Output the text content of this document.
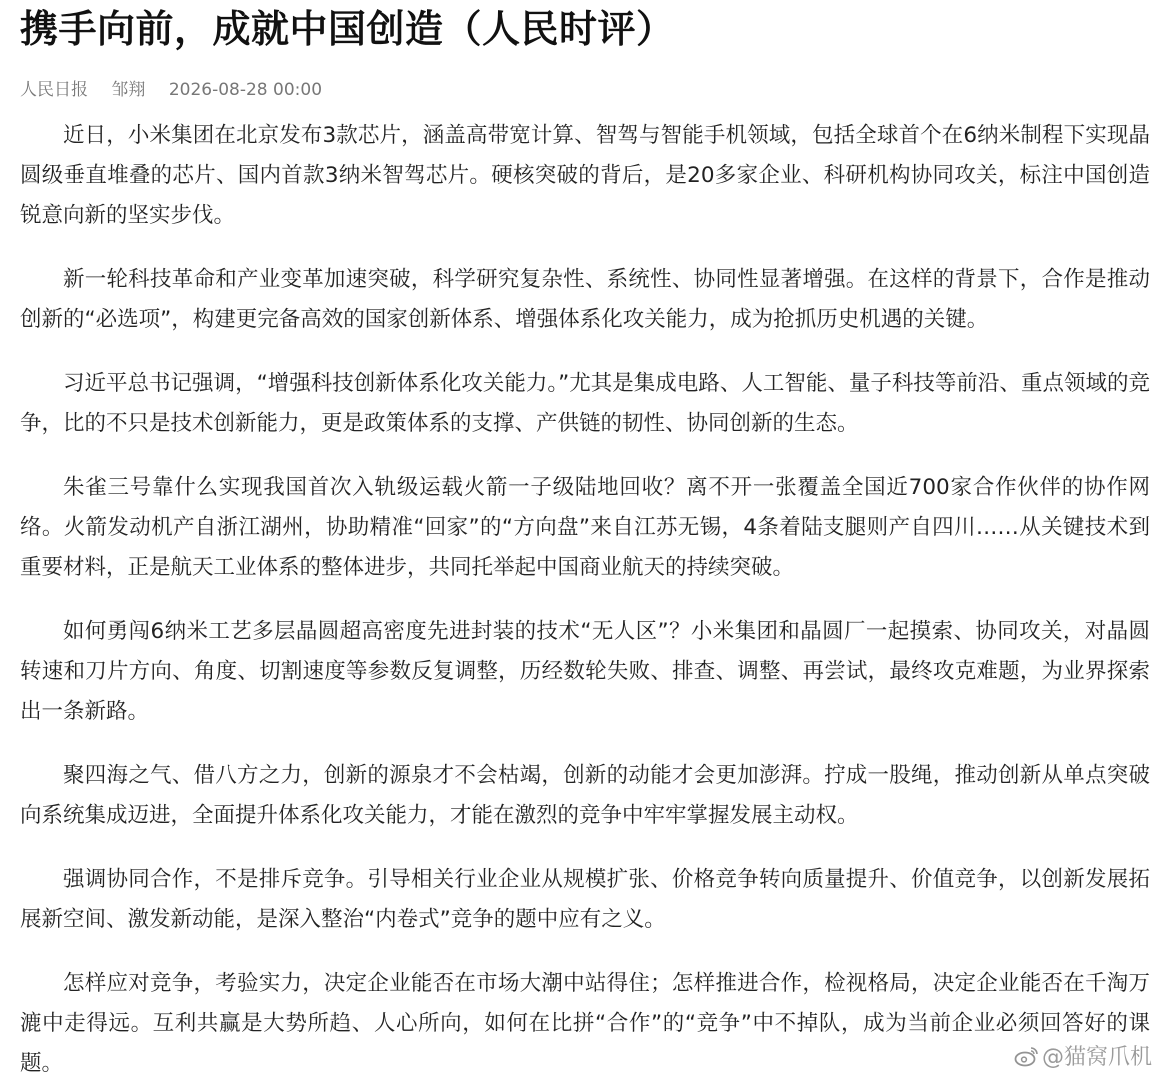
携手向前，成就中国创造（人民时评）
人民日报 邹翔 2026-08-28 00:00

近日，小米集团在北京发布3款芯片，涵盖高带宽计算、智驾与智能手机领域，包括全球首个在6纳米制程下实现晶圆级垂直堆叠的芯片、国内首款3纳米智驾芯片。硬核突破的背后，是20多家企业、科研机构协同攻关，标注中国创造锐意向新的坚实步伐。

新一轮科技革命和产业变革加速突破，科学研究复杂性、系统性、协同性显著增强。在这样的背景下，合作是推动创新的“必选项”，构建更完备高效的国家创新体系、增强体系化攻关能力，成为抢抓历史机遇的关键。

习近平总书记强调，“增强科技创新体系化攻关能力。”尤其是集成电路、人工智能、量子科技等前沿、重点领域的竞争，比的不只是技术创新能力，更是政策体系的支撑、产供链的韧性、协同创新的生态。

朱雀三号靠什么实现我国首次入轨级运载火箭一子级陆地回收？离不开一张覆盖全国近700家合作伙伴的协作网络。火箭发动机产自浙江湖州，协助精准“回家”的“方向盘”来自江苏无锡，4条着陆支腿则产自四川……从关键技术到重要材料，正是航天工业体系的整体进步，共同托举起中国商业航天的持续突破。

如何勇闯6纳米工艺多层晶圆超高密度先进封装的技术“无人区”？小米集团和晶圆厂一起摸索、协同攻关，对晶圆转速和刀片方向、角度、切割速度等参数反复调整，历经数轮失败、排查、调整、再尝试，最终攻克难题，为业界探索出一条新路。

聚四海之气、借八方之力，创新的源泉才不会枯竭，创新的动能才会更加澎湃。拧成一股绳，推动创新从单点突破向系统集成迈进，全面提升体系化攻关能力，才能在激烈的竞争中牢牢掌握发展主动权。

强调协同合作，不是排斥竞争。引导相关行业企业从规模扩张、价格竞争转向质量提升、价值竞争，以创新发展拓展新空间、激发新动能，是深入整治“内卷式”竞争的题中应有之义。

怎样应对竞争，考验实力，决定企业能否在市场大潮中站得住；怎样推进合作，检视格局，决定企业能否在千淘万漉中走得远。互利共赢是大势所趋、人心所向，如何在比拼“合作”的“竞争”中不掉队，成为当前企业必须回答好的课题。	@猫窝爪机
